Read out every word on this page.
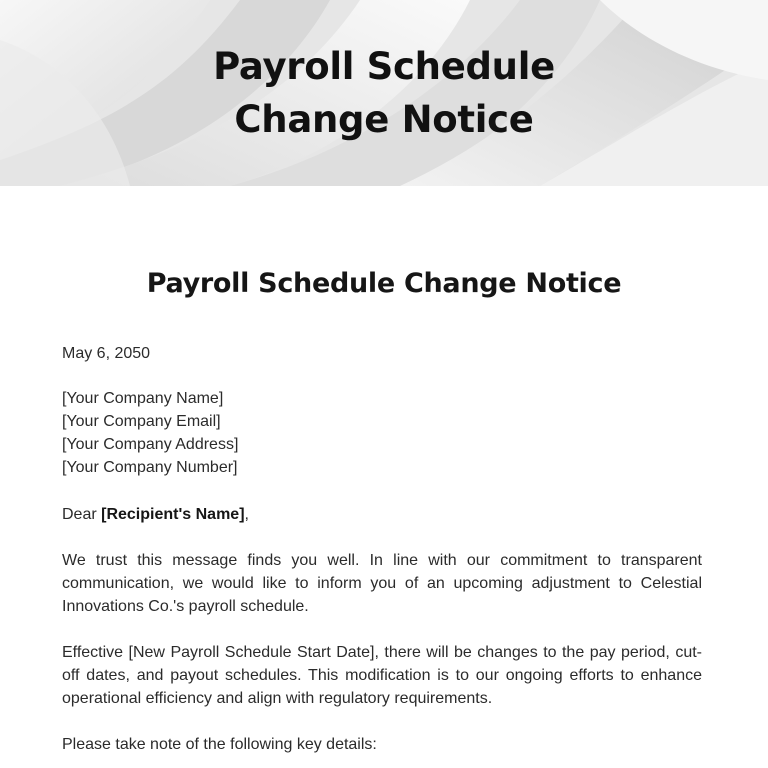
Payroll Schedule
Change Notice
Payroll Schedule Change Notice
May 6, 2050
[Your Company Name]
[Your Company Email]
[Your Company Address]
[Your Company Number]
Dear [Recipient's Name],
We trust this message finds you well. In line with our commitment to transparent communication, we would like to inform you of an upcoming adjustment to Celestial Innovations Co.'s payroll schedule.
Effective [New Payroll Schedule Start Date], there will be changes to the pay period, cut-off dates, and payout schedules. This modification is to our ongoing efforts to enhance operational efficiency and align with regulatory requirements.
Please take note of the following key details:
